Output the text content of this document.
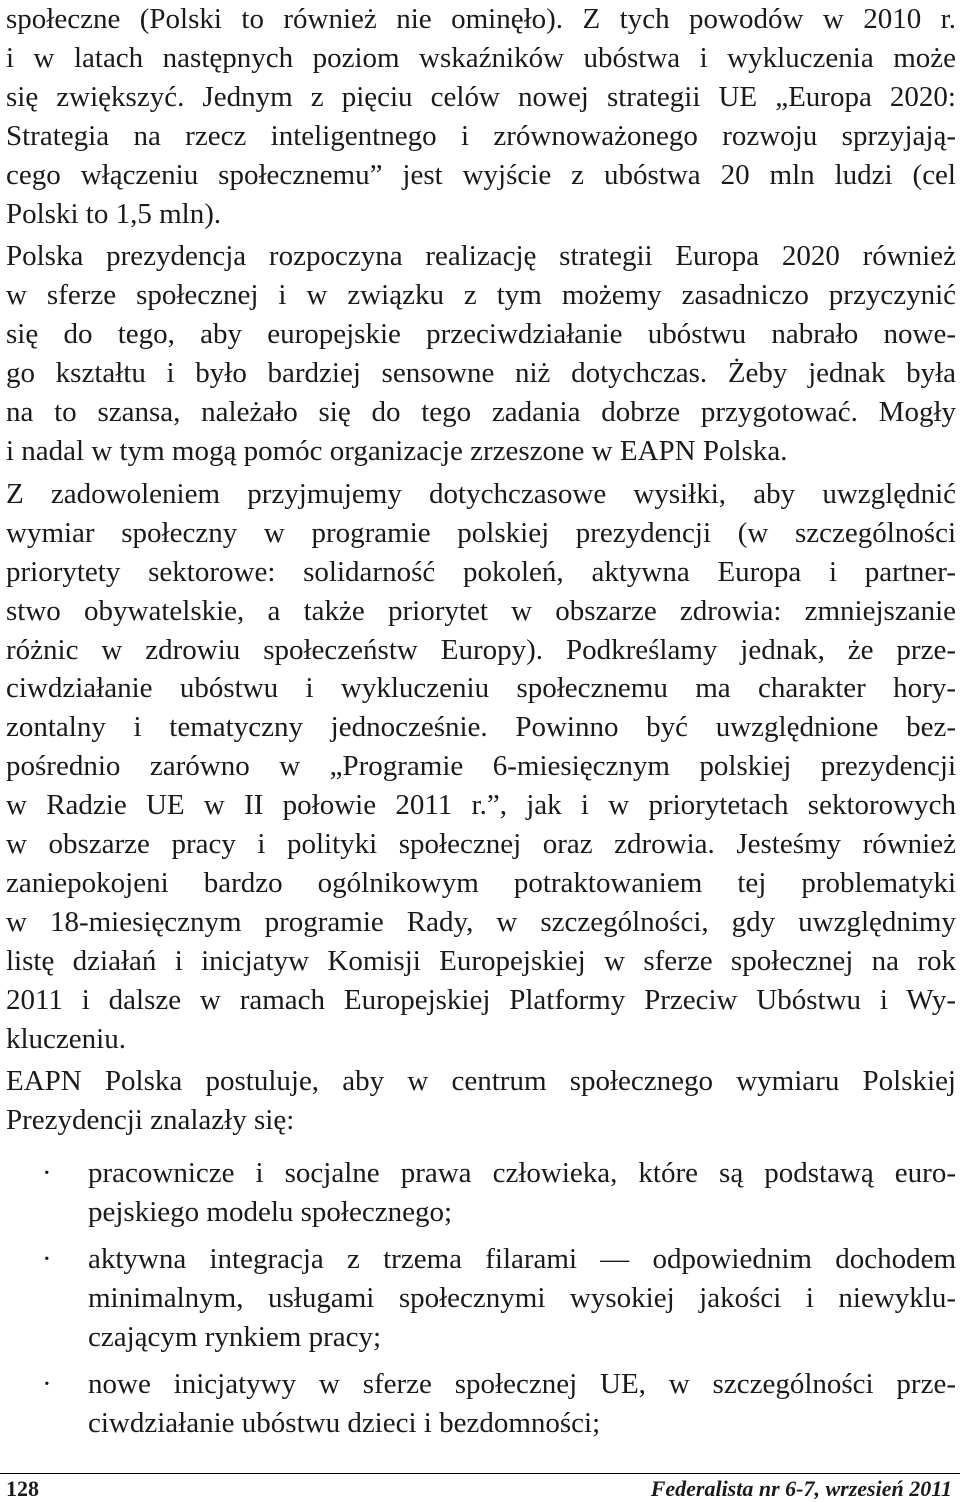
społeczne (Polski to również nie ominęło). Z tych powodów w 2010 r.
i w latach następnych poziom wskaźników ubóstwa i wykluczenia może
się zwiększyć. Jednym z pięciu celów nowej strategii UE „Europa 2020:
Strategia na rzecz inteligentnego i zrównoważonego rozwoju sprzyjają-
cego włączeniu społecznemu” jest wyjście z ubóstwa 20 mln ludzi (cel
Polski to 1,5 mln).
Polska prezydencja rozpoczyna realizację strategii Europa 2020 również
w sferze społecznej i w związku z tym możemy zasadniczo przyczynić
się do tego, aby europejskie przeciwdziałanie ubóstwu nabrało nowe-
go kształtu i było bardziej sensowne niż dotychczas. Żeby jednak była
na to szansa, należało się do tego zadania dobrze przygotować. Mogły
i nadal w tym mogą pomóc organizacje zrzeszone w EAPN Polska.
Z zadowoleniem przyjmujemy dotychczasowe wysiłki, aby uwzględnić
wymiar społeczny w programie polskiej prezydencji (w szczególności
priorytety sektorowe: solidarność pokoleń, aktywna Europa i partner-
stwo obywatelskie, a także priorytet w obszarze zdrowia: zmniejszanie
różnic w zdrowiu społeczeństw Europy). Podkreślamy jednak, że prze-
ciwdziałanie ubóstwu i wykluczeniu społecznemu ma charakter hory-
zontalny i tematyczny jednocześnie. Powinno być uwzględnione bez-
pośrednio zarówno w „Programie 6-miesięcznym polskiej prezydencji
w Radzie UE w II połowie 2011 r.”, jak i w priorytetach sektorowych
w obszarze pracy i polityki społecznej oraz zdrowia. Jesteśmy również
zaniepokojeni bardzo ogólnikowym potraktowaniem tej problematyki
w 18-miesięcznym programie Rady, w szczególności, gdy uwzględnimy
listę działań i inicjatyw Komisji Europejskiej w sferze społecznej na rok
2011 i dalsze w ramach Europejskiej Platformy Przeciw Ubóstwu i Wy-
kluczeniu.
EAPN Polska postuluje, aby w centrum społecznego wymiaru Polskiej
Prezydencji znalazły się:
· pracownicze i socjalne prawa człowieka, które są podstawą euro-
pejskiego modelu społecznego;
· aktywna integracja z trzema filarami — odpowiednim dochodem
minimalnym, usługami społecznymi wysokiej jakości i niewyklu-
czającym rynkiem pracy;
· nowe inicjatywy w sferze społecznej UE, w szczególności prze-
ciwdziałanie ubóstwu dzieci i bezdomności;
128	Federalista nr 6-7, wrzesień 2011
